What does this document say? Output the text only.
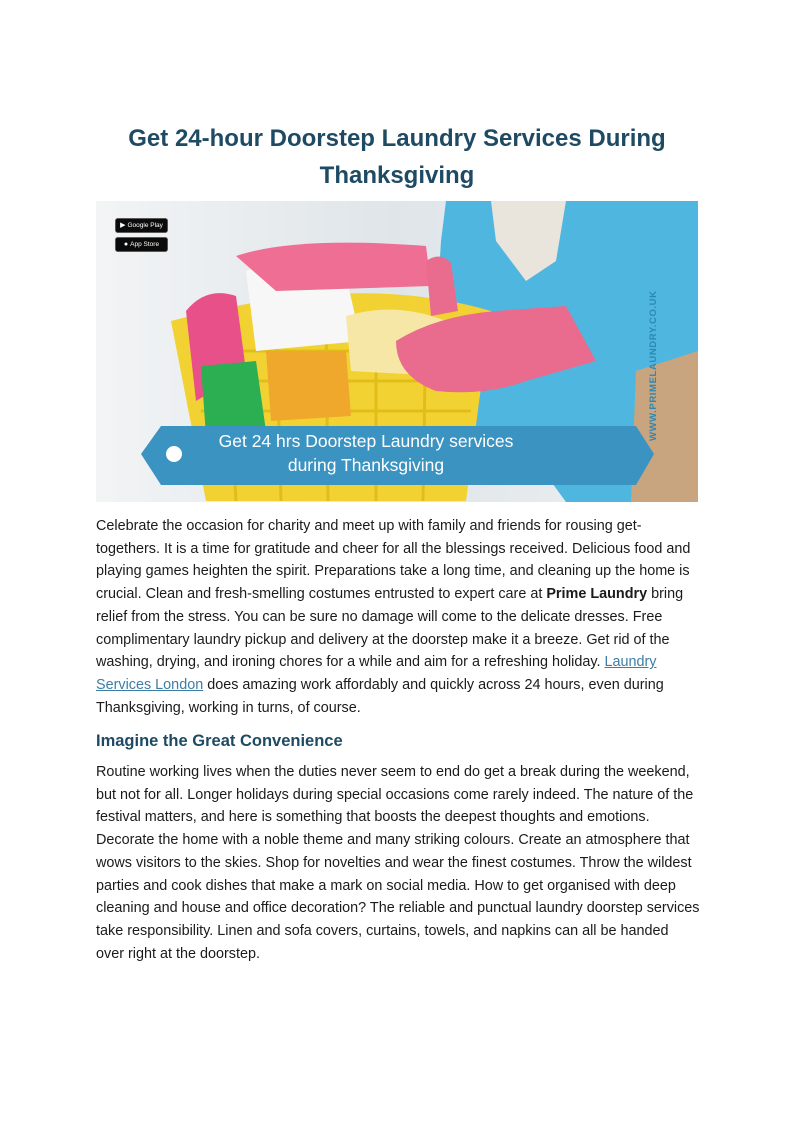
Get 24-hour Doorstep Laundry Services During Thanksgiving
▶ Google Play
● App Store
Get 24 hrs Doorstep Laundry services
during Thanksgiving
WWW.PRIMELAUNDRY.CO.UK

Celebrate the occasion for charity and meet up with family and friends for rousing get-togethers. It is a time for gratitude and cheer for all the blessings received. Delicious food and playing games heighten the spirit. Preparations take a long time, and cleaning up the home is crucial. Clean and fresh-smelling costumes entrusted to expert care at Prime Laundry bring relief from the stress. You can be sure no damage will come to the delicate dresses. Free complimentary laundry pickup and delivery at the doorstep make it a breeze. Get rid of the washing, drying, and ironing chores for a while and aim for a refreshing holiday. Laundry Services London does amazing work affordably and quickly across 24 hours, even during Thanksgiving, working in turns, of course.

Imagine the Great Convenience

Routine working lives when the duties never seem to end do get a break during the weekend, but not for all. Longer holidays during special occasions come rarely indeed. The nature of the festival matters, and here is something that boosts the deepest thoughts and emotions. Decorate the home with a noble theme and many striking colours. Create an atmosphere that wows visitors to the skies. Shop for novelties and wear the finest costumes. Throw the wildest parties and cook dishes that make a mark on social media. How to get organised with deep cleaning and house and office decoration? The reliable and punctual laundry doorstep services take responsibility. Linen and sofa covers, curtains, towels, and napkins can all be handed over right at the doorstep.
